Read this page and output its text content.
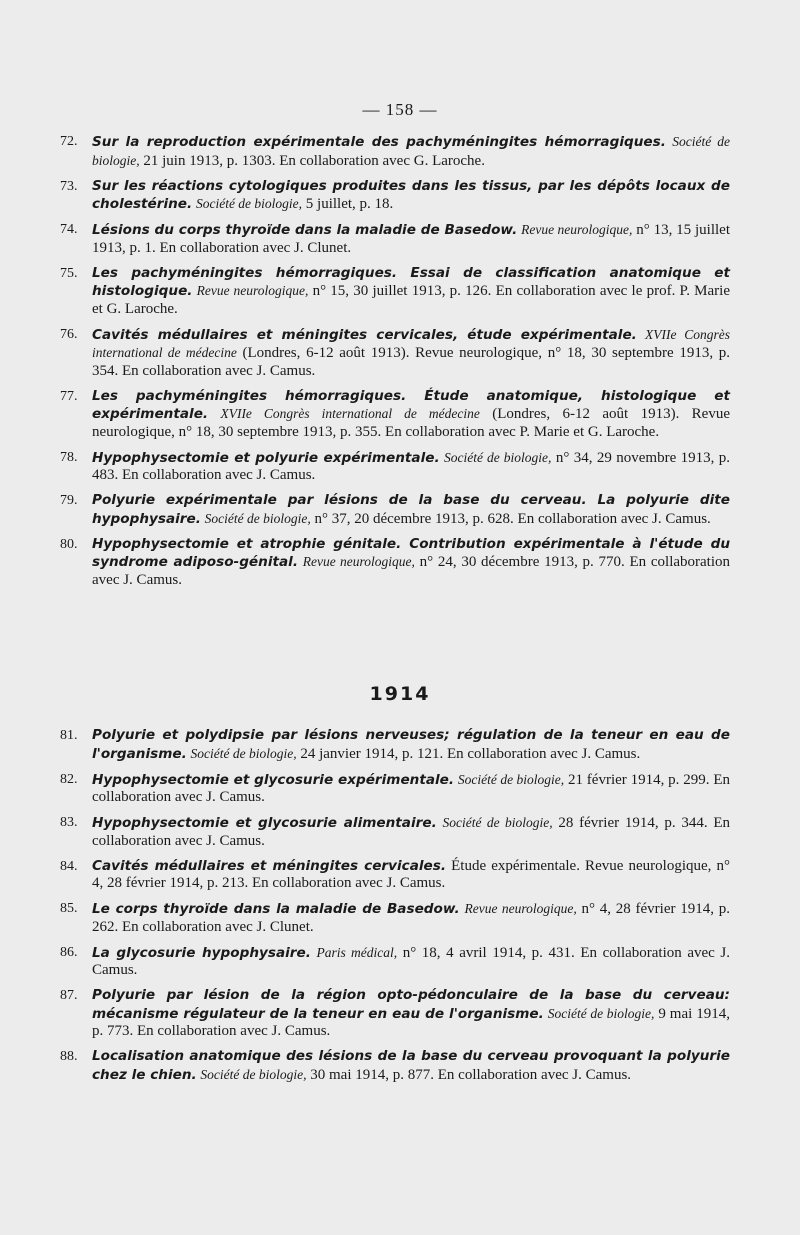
— 158 —
72. Sur la reproduction expérimentale des pachyméningites hémorragiques. Société de biologie, 21 juin 1913, p. 1303. En collaboration avec G. Laroche.
73. Sur les réactions cytologiques produites dans les tissus, par les dépôts locaux de cholestérine. Société de biologie, 5 juillet, p. 18.
74. Lésions du corps thyroïde dans la maladie de Basedow. Revue neurologique, n° 13, 15 juillet 1913, p. 1. En collaboration avec J. Clunet.
75. Les pachyméningites hémorragiques. Essai de classification anatomique et histologique. Revue neurologique, n° 15, 30 juillet 1913, p. 126. En collaboration avec le prof. P. Marie et G. Laroche.
76. Cavités médullaires et méningites cervicales, étude expérimentale. XVIIe Congrès international de médecine (Londres, 6-12 août 1913). Revue neurologique, n° 18, 30 septembre 1913, p. 354. En collaboration avec J. Camus.
77. Les pachyméningites hémorragiques. Étude anatomique, histologique et expérimentale. XVIIe Congrès international de médecine (Londres, 6-12 août 1913). Revue neurologique, n° 18, 30 septembre 1913, p. 355. En collaboration avec P. Marie et G. Laroche.
78. Hypophysectomie et polyurie expérimentale. Société de biologie, n° 34, 29 novembre 1913, p. 483. En collaboration avec J. Camus.
79. Polyurie expérimentale par lésions de la base du cerveau. La polyurie dite hypophysaire. Société de biologie, n° 37, 20 décembre 1913, p. 628. En collaboration avec J. Camus.
80. Hypophysectomie et atrophie génitale. Contribution expérimentale à l'étude du syndrome adiposo-génital. Revue neurologique, n° 24, 30 décembre 1913, p. 770. En collaboration avec J. Camus.
1914
81. Polyurie et polydipsie par lésions nerveuses; régulation de la teneur en eau de l'organisme. Société de biologie, 24 janvier 1914, p. 121. En collaboration avec J. Camus.
82. Hypophysectomie et glycosurie expérimentale. Société de biologie, 21 février 1914, p. 299. En collaboration avec J. Camus.
83. Hypophysectomie et glycosurie alimentaire. Société de biologie, 28 février 1914, p. 344. En collaboration avec J. Camus.
84. Cavités médullaires et méningites cervicales. Étude expérimentale. Revue neurologique, n° 4, 28 février 1914, p. 213. En collaboration avec J. Camus.
85. Le corps thyroïde dans la maladie de Basedow. Revue neurologique, n° 4, 28 février 1914, p. 262. En collaboration avec J. Clunet.
86. La glycosurie hypophysaire. Paris médical, n° 18, 4 avril 1914, p. 431. En collaboration avec J. Camus.
87. Polyurie par lésion de la région opto-pédonculaire de la base du cerveau: mécanisme régulateur de la teneur en eau de l'organisme. Société de biologie, 9 mai 1914, p. 773. En collaboration avec J. Camus.
88. Localisation anatomique des lésions de la base du cerveau provoquant la polyurie chez le chien. Société de biologie, 30 mai 1914, p. 877. En collaboration avec J. Camus.
